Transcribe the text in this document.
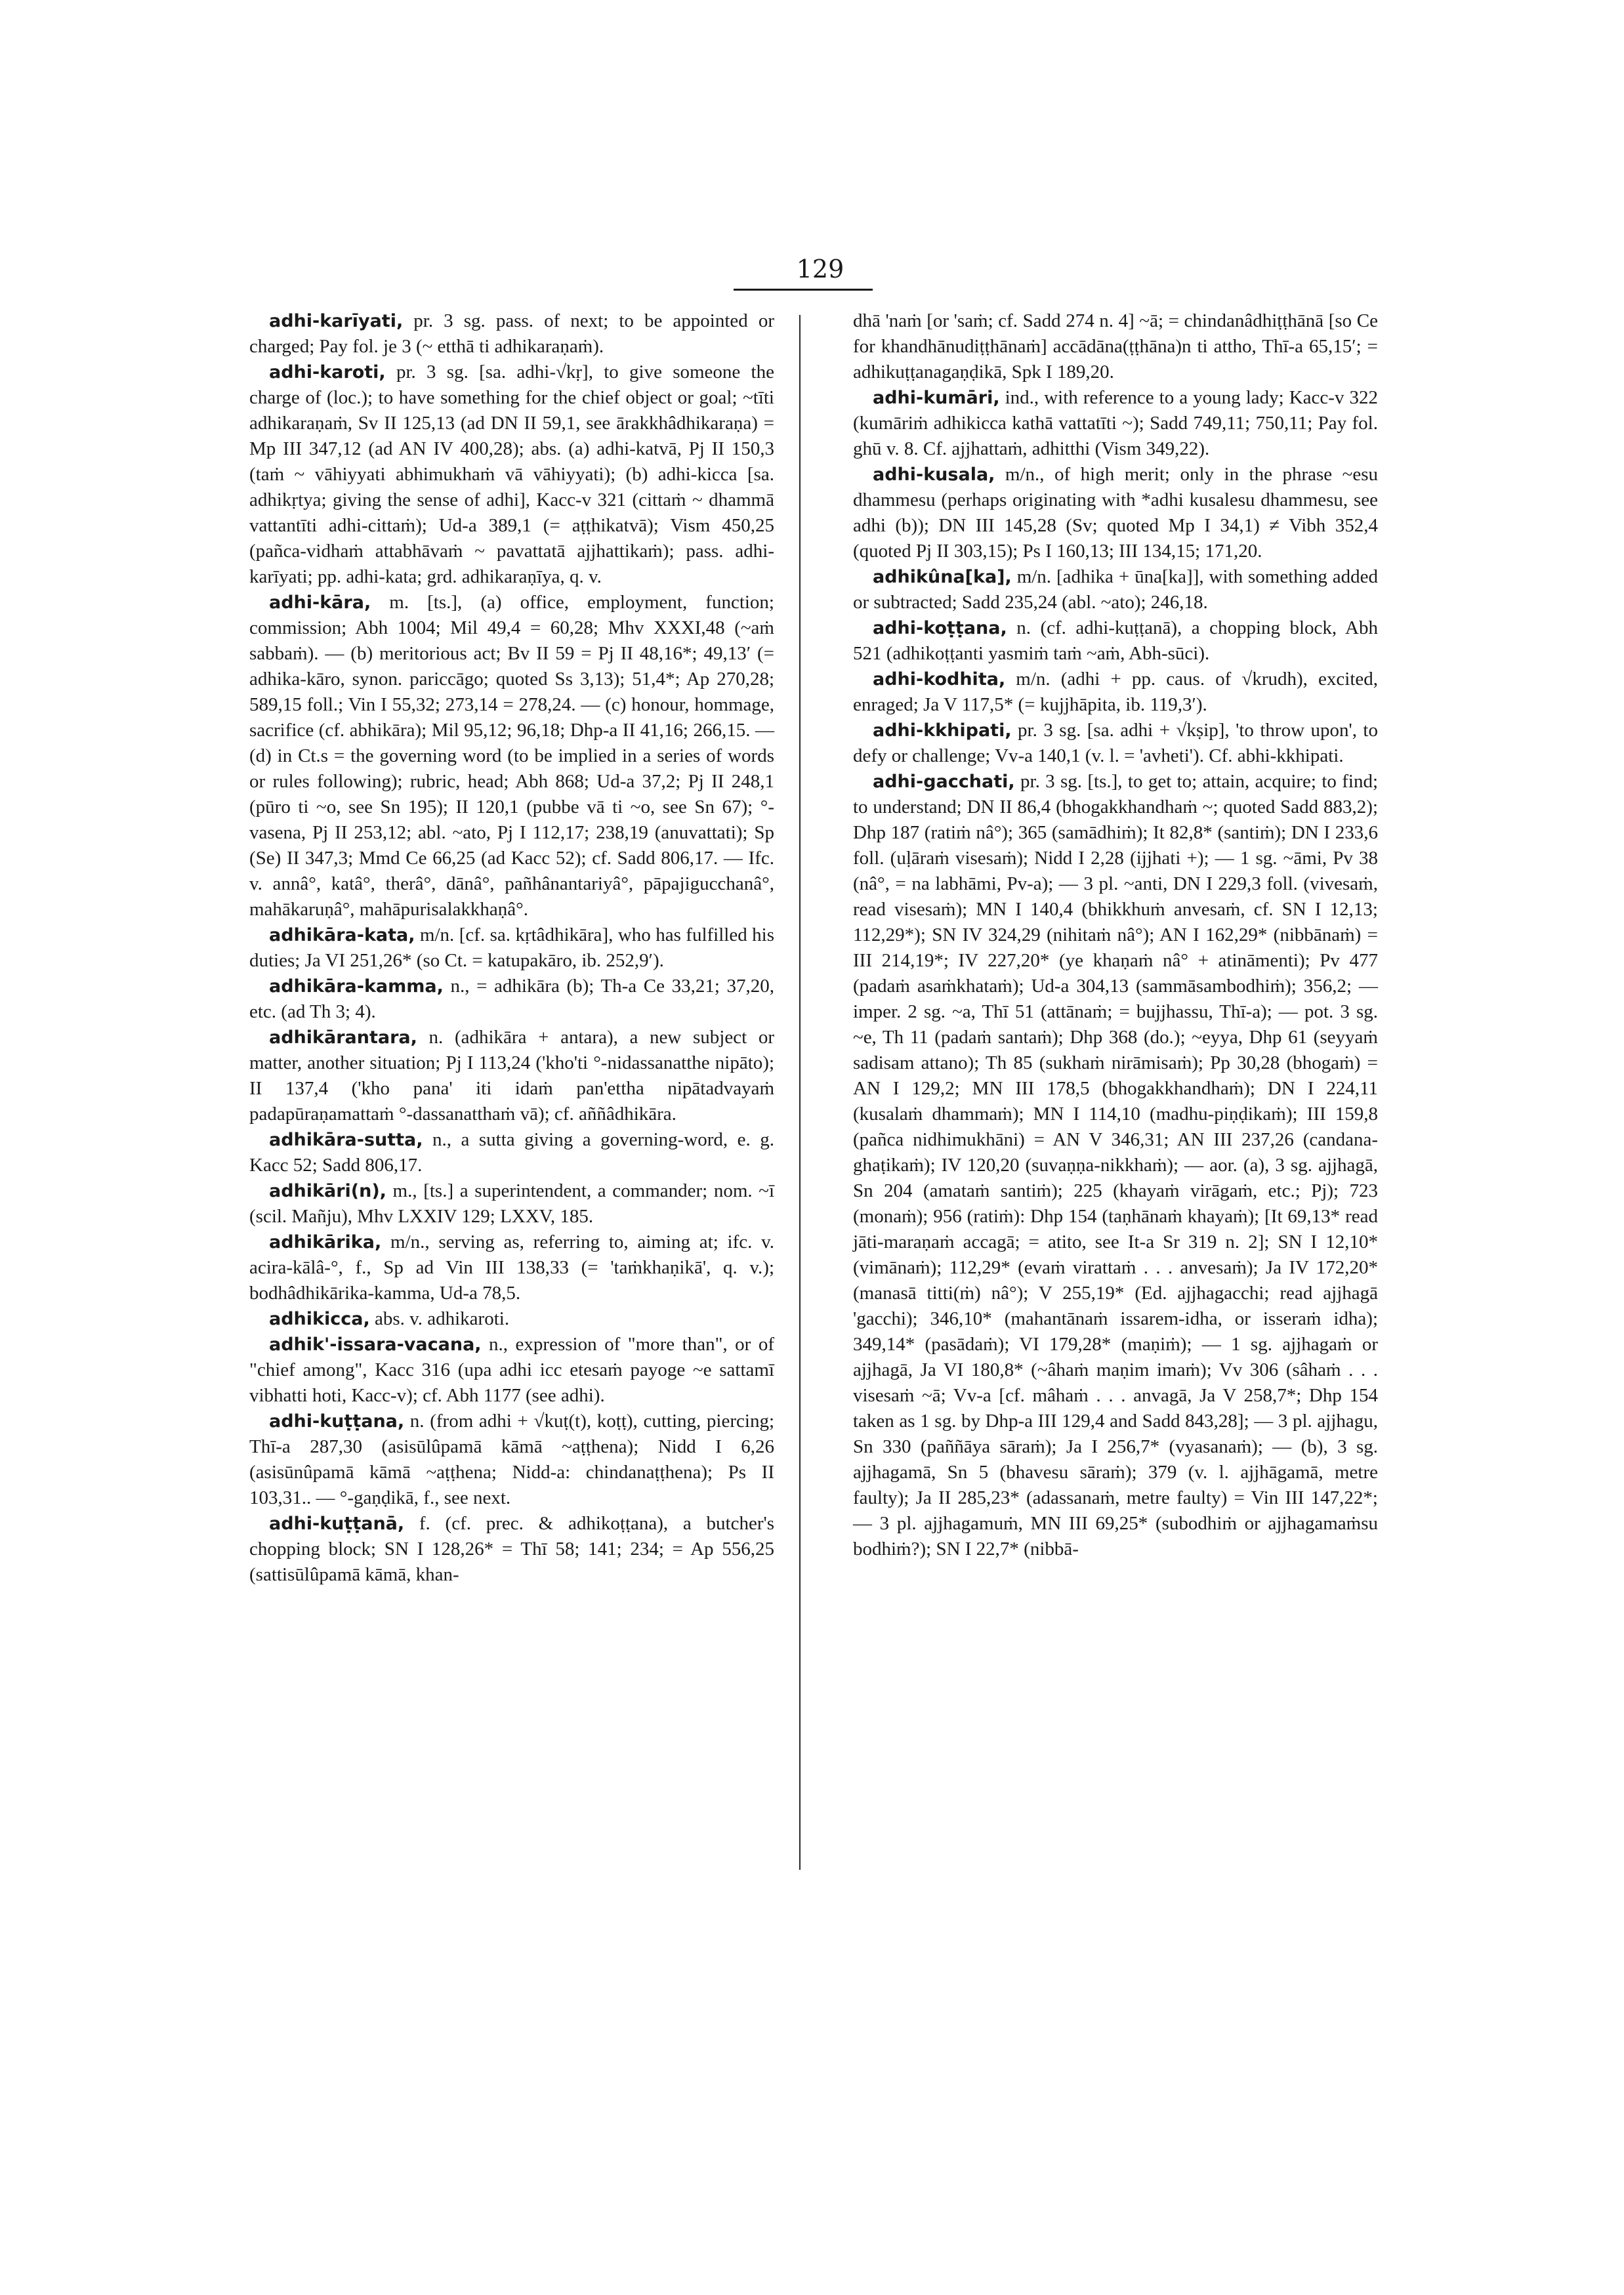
129

adhi-karīyati, pr. 3 sg. pass. of next; to be appointed or charged; Pay fol. je 3 (~ etthā ti adhikaraṇaṁ).

adhi-karoti, pr. 3 sg. [sa. adhi-√kṛ], to give someone the charge of (loc.); to have something for the chief object or goal; ~tīti adhikaraṇaṁ, Sv II 125,13 (ad DN II 59,1, see ārakkhâdhikaraṇa) = Mp III 347,12 (ad AN IV 400,28); abs. (a) adhi-katvā, Pj II 150,3 (taṁ ~ vāhiyyati abhimukhaṁ vā vāhiyyati); (b) adhi-kicca [sa. adhikṛtya; giving the sense of adhi], Kacc-v 321 (cittaṁ ~ dhammā vattantīti adhi-cittaṁ); Ud-a 389,1 (= aṭṭhikatvā); Vism 450,25 (pañca-vidhaṁ attabhāvaṁ ~ pavattatā ajjhattikaṁ); pass. adhi-karīyati; pp. adhi-kata; grd. adhikaraṇīya, q. v.

adhi-kāra, m. [ts.], (a) office, employment, function; commission; Abh 1004; Mil 49,4 = 60,28; Mhv XXXI,48 (~aṁ sabbaṁ). — (b) meritorious act; Bv II 59 = Pj II 48,16*; 49,13′ (= adhika-kāro, synon. pariccāgo; quoted Ss 3,13); 51,4*; Ap 270,28; 589,15 foll.; Vin I 55,32; 273,14 = 278,24. — (c) honour, hommage, sacrifice (cf. abhikāra); Mil 95,12; 96,18; Dhp-a II 41,16; 266,15. — (d) in Ct.s = the governing word (to be implied in a series of words or rules following); rubric, head; Abh 868; Ud-a 37,2; Pj II 248,1 (pūro ti ~o, see Sn 195); II 120,1 (pubbe vā ti ~o, see Sn 67); °-vasena, Pj II 253,12; abl. ~ato, Pj I 112,17; 238,19 (anuvattati); Sp (Se) II 347,3; Mmd Ce 66,25 (ad Kacc 52); cf. Sadd 806,17. — Ifc. v. annâ°, katâ°, therâ°, dānâ°, pañhânantariyâ°, pāpajigucchanâ°, mahākaruṇâ°, mahāpurisalakkhaṇâ°.

adhikāra-kata, m/n. [cf. sa. kṛtâdhikāra], who has fulfilled his duties; Ja VI 251,26* (so Ct. = katupakāro, ib. 252,9′).

adhikāra-kamma, n., = adhikāra (b); Th-a Ce 33,21; 37,20, etc. (ad Th 3; 4).

adhikārantara, n. (adhikāra + antara), a new subject or matter, another situation; Pj I 113,24 ('kho'ti °-nidassanatthe nipāto); II 137,4 ('kho pana' iti idaṁ pan'ettha nipātadvayaṁ padapūraṇamattaṁ °-dassanatthaṁ vā); cf. aññâdhikāra.

adhikāra-sutta, n., a sutta giving a governing-word, e. g. Kacc 52; Sadd 806,17.

adhikāri(n), m., [ts.] a superintendent, a commander; nom. ~ī (scil. Mañju), Mhv LXXIV 129; LXXV, 185.

adhikārika, m/n., serving as, referring to, aiming at; ifc. v. acira-kālâ-°, f., Sp ad Vin III 138,33 (= 'taṁkhaṇikā', q. v.); bodhâdhikārika-kamma, Ud-a 78,5.

adhikicca, abs. v. adhikaroti.

adhik'-issara-vacana, n., expression of "more than", or of "chief among", Kacc 316 (upa adhi icc etesaṁ payoge ~e sattamī vibhatti hoti, Kacc-v); cf. Abh 1177 (see adhi).

adhi-kuṭṭana, n. (from adhi + √kuṭ(t), koṭṭ), cutting, piercing; Thī-a 287,30 (asisūlûpamā kāmā ~aṭṭhena); Nidd I 6,26 (asisūnûpamā kāmā ~aṭṭhena; Nidd-a: chindanaṭṭhena); Ps II 103,31.. — °-gaṇḍikā, f., see next.

adhi-kuṭṭanā, f. (cf. prec. & adhikoṭṭana), a butcher's chopping block; SN I 128,26* = Thī 58; 141; 234; = Ap 556,25 (sattisūlûpamā kāmā, khan-

dhā 'naṁ [or 'saṁ; cf. Sadd 274 n. 4] ~ā; = chindanâdhiṭṭhānā [so Ce for khandhānudiṭṭhānaṁ] accādāna(ṭṭhāna)n ti attho, Thī-a 65,15′; = adhikuṭṭanagaṇḍikā, Spk I 189,20.

adhi-kumāri, ind., with reference to a young lady; Kacc-v 322 (kumāriṁ adhikicca kathā vattatīti ~); Sadd 749,11; 750,11; Pay fol. ghū v. 8. Cf. ajjhattaṁ, adhitthi (Vism 349,22).

adhi-kusala, m/n., of high merit; only in the phrase ~esu dhammesu (perhaps originating with *adhi kusalesu dhammesu, see adhi (b)); DN III 145,28 (Sv; quoted Mp I 34,1) ≠ Vibh 352,4 (quoted Pj II 303,15); Ps I 160,13; III 134,15; 171,20.

adhikûna[ka], m/n. [adhika + ūna[ka]], with something added or subtracted; Sadd 235,24 (abl. ~ato); 246,18.

adhi-koṭṭana, n. (cf. adhi-kuṭṭanā), a chopping block, Abh 521 (adhikoṭṭanti yasmiṁ taṁ ~aṁ, Abh-sūci).

adhi-kodhita, m/n. (adhi + pp. caus. of √krudh), excited, enraged; Ja V 117,5* (= kujjhāpita, ib. 119,3′).

adhi-kkhipati, pr. 3 sg. [sa. adhi + √kṣip], 'to throw upon', to defy or challenge; Vv-a 140,1 (v. l. = 'avheti'). Cf. abhi-kkhipati.

adhi-gacchati, pr. 3 sg. [ts.], to get to; attain, acquire; to find; to understand; DN II 86,4 (bhogakkhandhaṁ ~; quoted Sadd 883,2); Dhp 187 (ratiṁ nâ°); 365 (samādhiṁ); It 82,8* (santiṁ); DN I 233,6 foll. (uḷāraṁ visesaṁ); Nidd I 2,28 (ijjhati +); — 1 sg. ~āmi, Pv 38 (nâ°, = na labhāmi, Pv-a); — 3 pl. ~anti, DN I 229,3 foll. (vivesaṁ, read visesaṁ); MN I 140,4 (bhikkhuṁ anvesaṁ, cf. SN I 12,13; 112,29*); SN IV 324,29 (nihitaṁ nâ°); AN I 162,29* (nibbānaṁ) = III 214,19*; IV 227,20* (ye khaṇaṁ nâ° + atināmenti); Pv 477 (padaṁ asaṁkhataṁ); Ud-a 304,13 (sammāsambodhiṁ); 356,2; — imper. 2 sg. ~a, Thī 51 (attānaṁ; = bujjhassu, Thī-a); — pot. 3 sg. ~e, Th 11 (padaṁ santaṁ); Dhp 368 (do.); ~eyya, Dhp 61 (seyyaṁ sadisam attano); Th 85 (sukhaṁ nirāmisaṁ); Pp 30,28 (bhogaṁ) = AN I 129,2; MN III 178,5 (bhogakkhandhaṁ); DN I 224,11 (kusalaṁ dhammaṁ); MN I 114,10 (madhu-piṇḍikaṁ); III 159,8 (pañca nidhimukhāni) = AN V 346,31; AN III 237,26 (candana-ghaṭikaṁ); IV 120,20 (suvaṇṇa-nikkhaṁ); — aor. (a), 3 sg. ajjhagā, Sn 204 (amataṁ santiṁ); 225 (khayaṁ virāgaṁ, etc.; Pj); 723 (monaṁ); 956 (ratiṁ): Dhp 154 (taṇhānaṁ khayaṁ); [It 69,13* read jāti-maraṇaṁ accagā; = atito, see It-a Sr 319 n. 2]; SN I 12,10* (vimānaṁ); 112,29* (evaṁ virattaṁ . . . anvesaṁ); Ja IV 172,20* (manasā titti(ṁ) nâ°); V 255,19* (Ed. ajjhagacchi; read ajjhagā 'gacchi); 346,10* (mahantānaṁ issarem-idha, or isseraṁ idha); 349,14* (pasādaṁ); VI 179,28* (maṇiṁ); — 1 sg. ajjhagaṁ or ajjhagā, Ja VI 180,8* (~âhaṁ maṇim imaṁ); Vv 306 (sâhaṁ . . . visesaṁ ~ā; Vv-a [cf. mâhaṁ . . . anvagā, Ja V 258,7*; Dhp 154 taken as 1 sg. by Dhp-a III 129,4 and Sadd 843,28]; — 3 pl. ajjhagu, Sn 330 (paññāya sāraṁ); Ja I 256,7* (vyasanaṁ); — (b), 3 sg. ajjhagamā, Sn 5 (bhavesu sāraṁ); 379 (v. l. ajjhāgamā, metre faulty); Ja II 285,23* (adassanaṁ, metre faulty) = Vin III 147,22*; — 3 pl. ajjhagamuṁ, MN III 69,25* (subodhiṁ or ajjhagamaṁsu bodhiṁ?); SN I 22,7* (nibbā-
